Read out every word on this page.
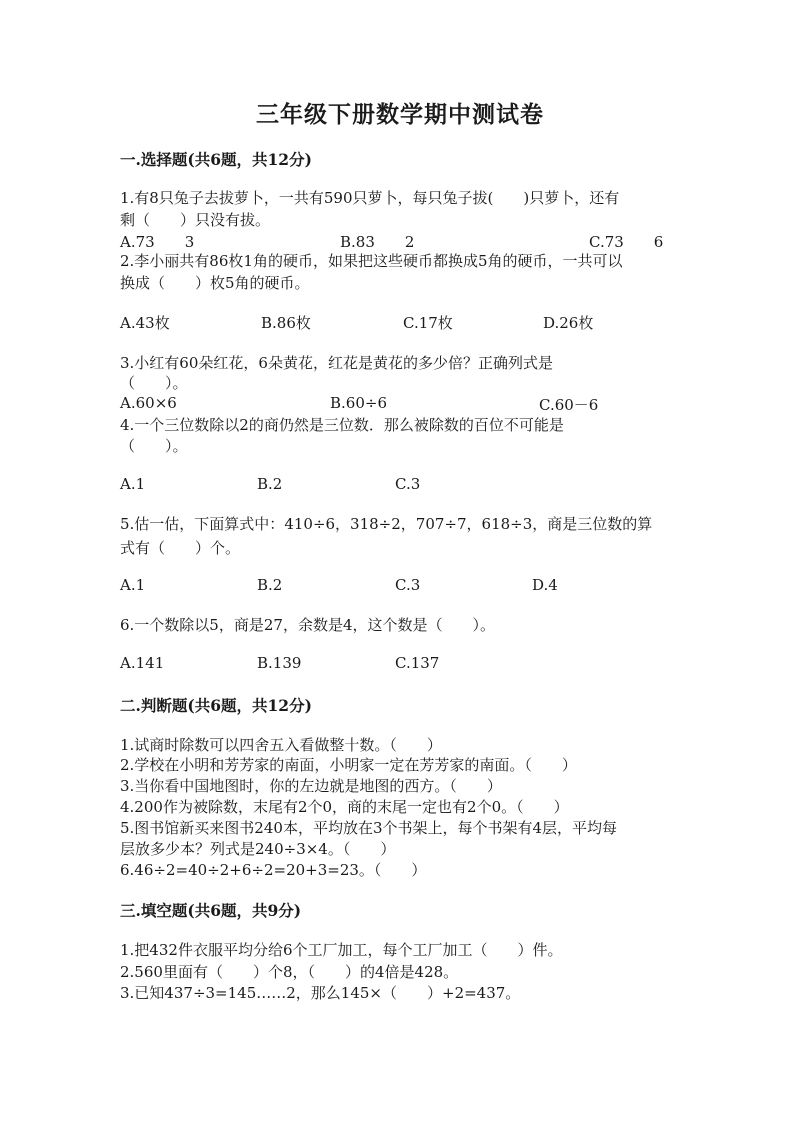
三年级下册数学期中测试卷
一.选择题(共6题，共12分)
1.有8只兔子去拔萝卜，一共有590只萝卜，每只兔子拔(　　)只萝卜，还有
剩（　　）只没有拔。
A.73　　3	B.83　　2	C.73　　6
2.李小丽共有86枚1角的硬币，如果把这些硬币都换成5角的硬币，一共可以
换成（　　）枚5角的硬币。
A.43枚	B.86枚	C.17枚	D.26枚
3.小红有60朵红花，6朵黄花，红花是黄花的多少倍？正确列式是
（　　）。
A.60×6	B.60÷6	C.60－6
4.一个三位数除以2的商仍然是三位数．那么被除数的百位不可能是
（　　）。
A.1	B.2	C.3
5.估一估，下面算式中：410÷6，318÷2，707÷7，618÷3，商是三位数的算
式有（　　）个。
A.1	B.2	C.3	D.4
6.一个数除以5，商是27，余数是4，这个数是（　　）。
A.141	B.139	C.137
二.判断题(共6题，共12分)
1.试商时除数可以四舍五入看做整十数。（　　）
2.学校在小明和芳芳家的南面，小明家一定在芳芳家的南面。（　　）
3.当你看中国地图时，你的左边就是地图的西方。（　　）
4.200作为被除数，末尾有2个0，商的末尾一定也有2个0。（　　）
5.图书馆新买来图书240本，平均放在3个书架上，每个书架有4层，平均每
层放多少本？列式是240÷3×4。（　　）
6.46÷2=40÷2+6÷2=20+3=23。（　　）
三.填空题(共6题，共9分)
1.把432件衣服平均分给6个工厂加工，每个工厂加工（　　）件。
2.560里面有（　　）个8，（　　）的4倍是428。
3.已知437÷3=145……2，那么145×（　　）+2=437。
